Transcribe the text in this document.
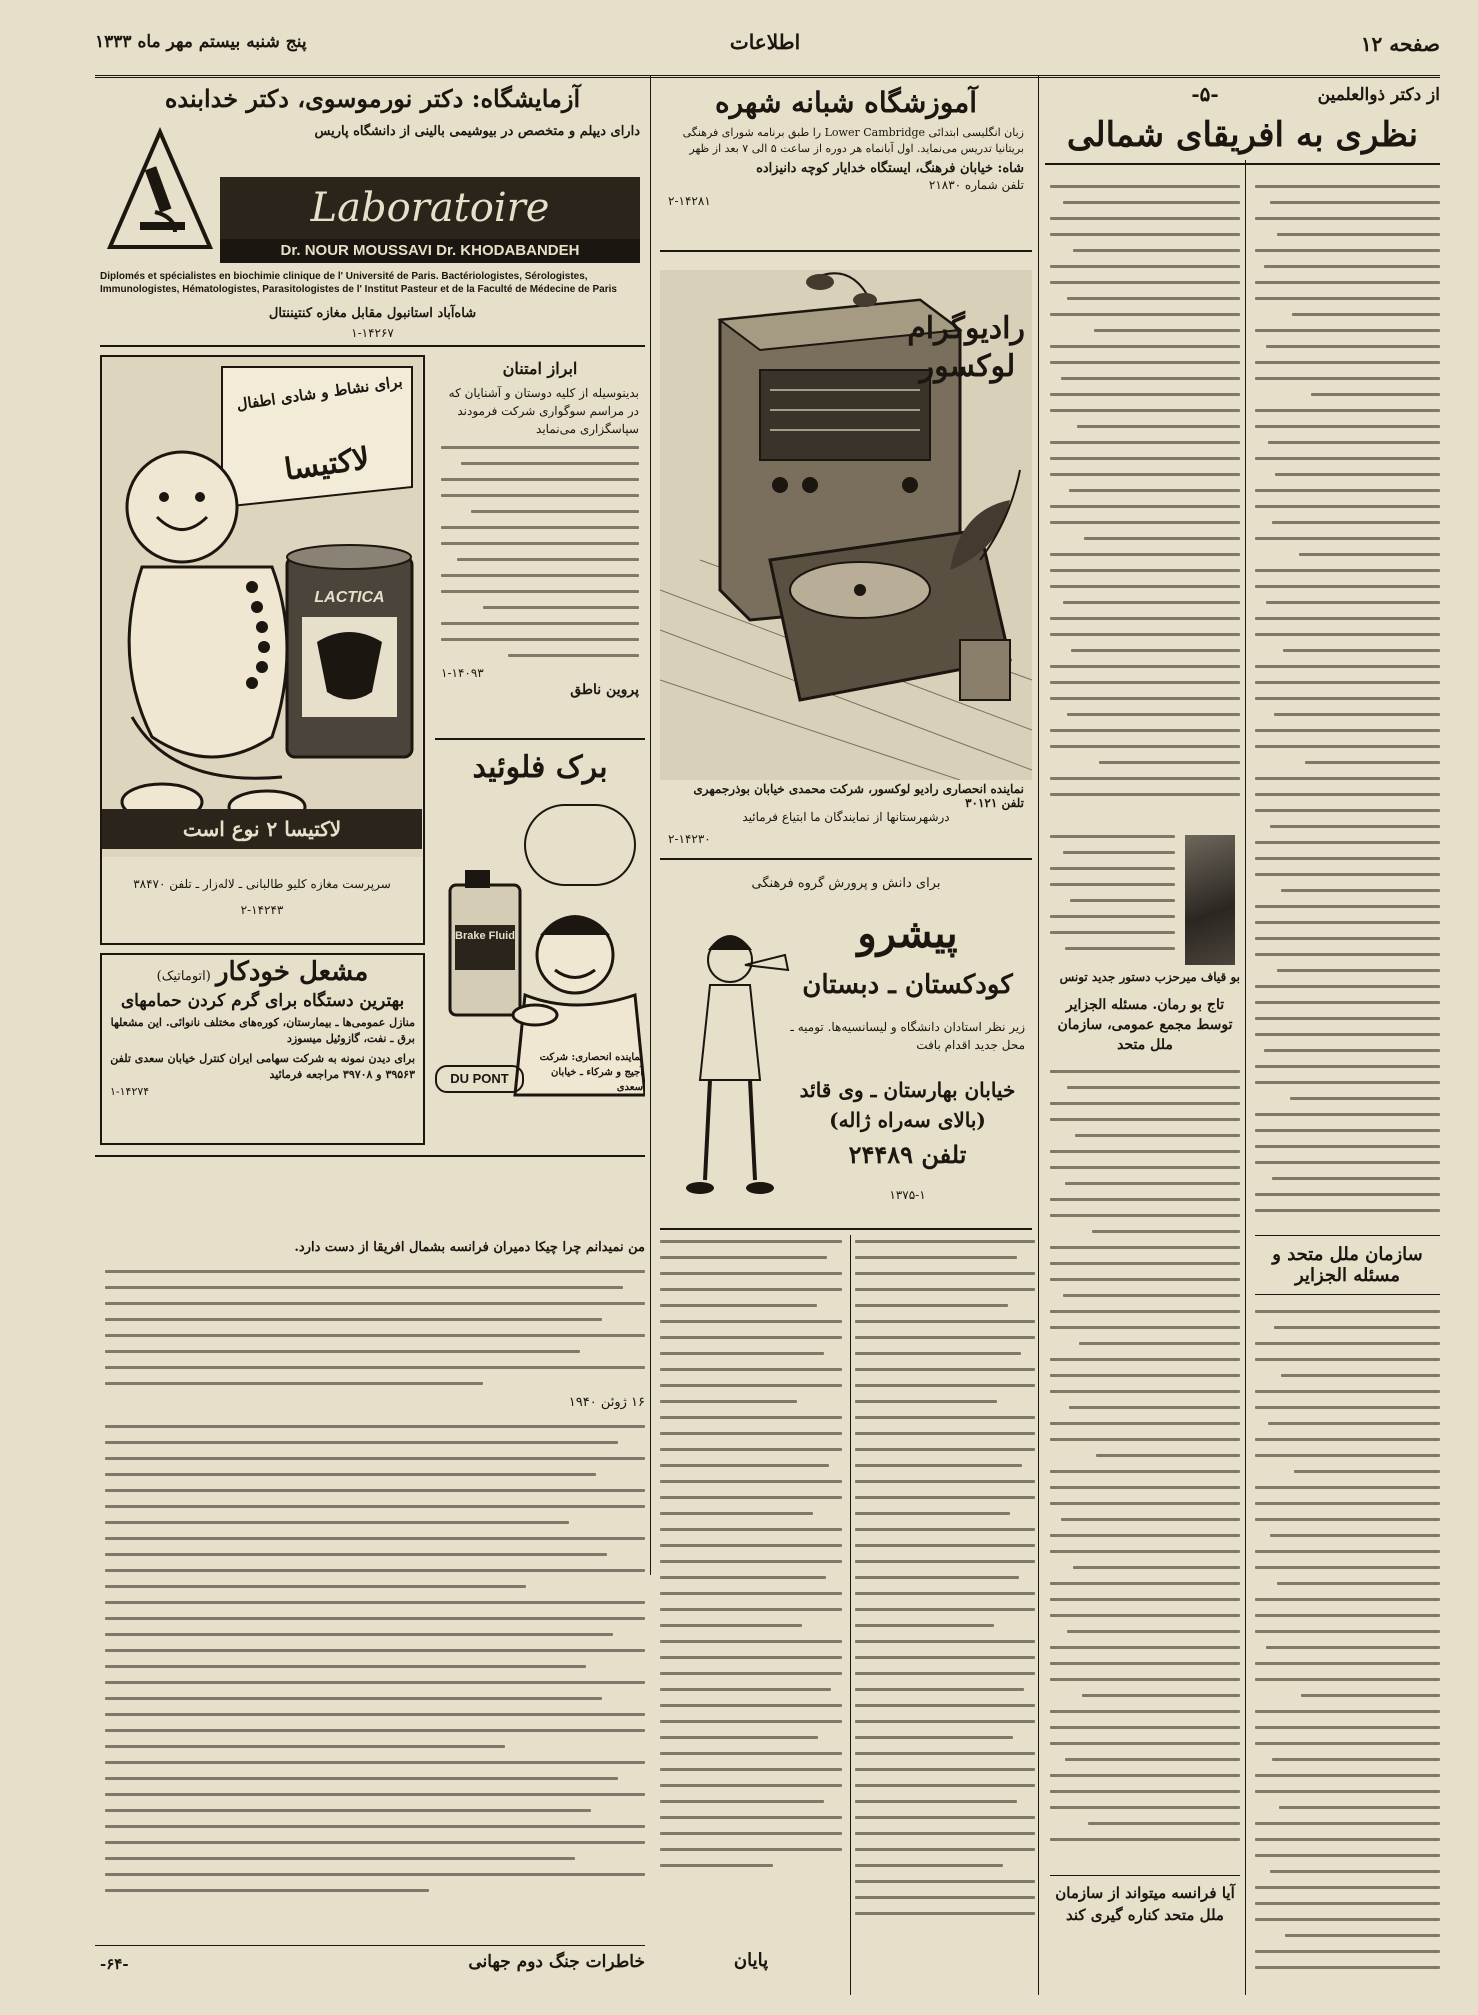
پنج شنبه بیستم مهر ماه ۱۳۳۳	اطلاعات	صفحه ۱۲
از دکتر ذوالعلمین
-۵-
نظری به افریقای شمالی
سازمان ملل متحد و مسئله الجزایر
بو قیاف میرحزب دستور جدید تونس
تاج بو رمان. مسئله الجزایر توسط مجمع عمومی، سازمان ملل متحد
آیا فرانسه میتواند از سازمان ملل متحد کناره گیری کند
آموزشگاه شبانه شهره
زبان انگلیسی ابتدائی Lower Cambridge را طبق برنامه شورای فرهنگی بریتانیا تدریس می‌نماید. اول آبانماه هر دوره از ساعت ۵ الی ۷ بعد از ظهر
شاه: خیابان فرهنگ، ایستگاه خدایار کوچه دانیزاده
تلفن شماره ۲۱۸۳۰
۲-۱۴۲۸۱
رادیوگرام لوکسور
نماینده انحصاری رادیو لوکسور، شرکت محمدی خیابان بوذرجمهری تلفن ۳۰۱۲۱
درشهرستانها از نمایندگان ما ابتیاع فرمائید
۲-۱۴۲۳۰
برای دانش و پرورش گروه فرهنگی
پیشرو
کودکستان ـ دبستان
زیر نظر استادان دانشگاه و لیسانسیه‌ها. تومیه ـ محل جدید اقدام بافت
خیابان بهارستان ـ وی قائد (بالای سه‌راه ژاله)
تلفن ۲۴۴۸۹
۱۳۷۵-۱
پایان
آزمایشگاه: دکتر نورموسوی، دکتر خدابنده
دارای دیپلم و متخصص در بیوشیمی بالینی از دانشگاه پاریس
Laboratoire
Dr. NOUR MOUSSAVI Dr. KHODABANDEH
Diplomés et spécialistes en biochimie clinique de l' Université de Paris. Bactériologistes, Sérologistes, Immunologistes, Hématologistes, Parasitologistes de l' Institut Pasteur et de la Faculté de Médecine de Paris
شاه‌آباد استانبول مقابل مغازه کنتیننتال
۱-۱۴۲۶۷
برای نشاط و شادی اطفال
لاکتیسا
LACTICA
لاکتیسا ۲ نوع است
سرپرست مغازه کلیو طالبانی ـ لاله‌زار ـ تلفن ۳۸۴۷۰
۲-۱۴۲۴۳
ابراز امتنان
بدینوسیله از کلیه دوستان و آشنایان که در مراسم سوگواری شرکت فرمودند سپاسگزاری می‌نماید
۱-۱۴۰۹۳
پروین ناطق
برک فلوئید
Brake Fluid
DU PONT
نماینده انحصاری: شرکت آجیج و شرکاء ـ خیابان سعدی
مشعل خودکار (اتوماتیک)
بهترین دستگاه برای گرم کردن حمامهای
منازل عمومی‌ها ـ بیمارستان، کوره‌های مختلف نانوائی. این مشعلها برق ـ نفت، گازوئیل میسوزد
برای دیدن نمونه به شرکت سهامی ایران کنترل خیابان سعدی تلفن ۳۹۵۶۳ و ۳۹۷۰۸ مراجعه فرمائید
۱-۱۴۲۷۴
من نمیدانم چرا چیکا دمیران فرانسه بشمال افریقا از دست دارد.
۱۶ ژوئن ۱۹۴۰
-۶۴-	خاطرات جنگ دوم جهانی
